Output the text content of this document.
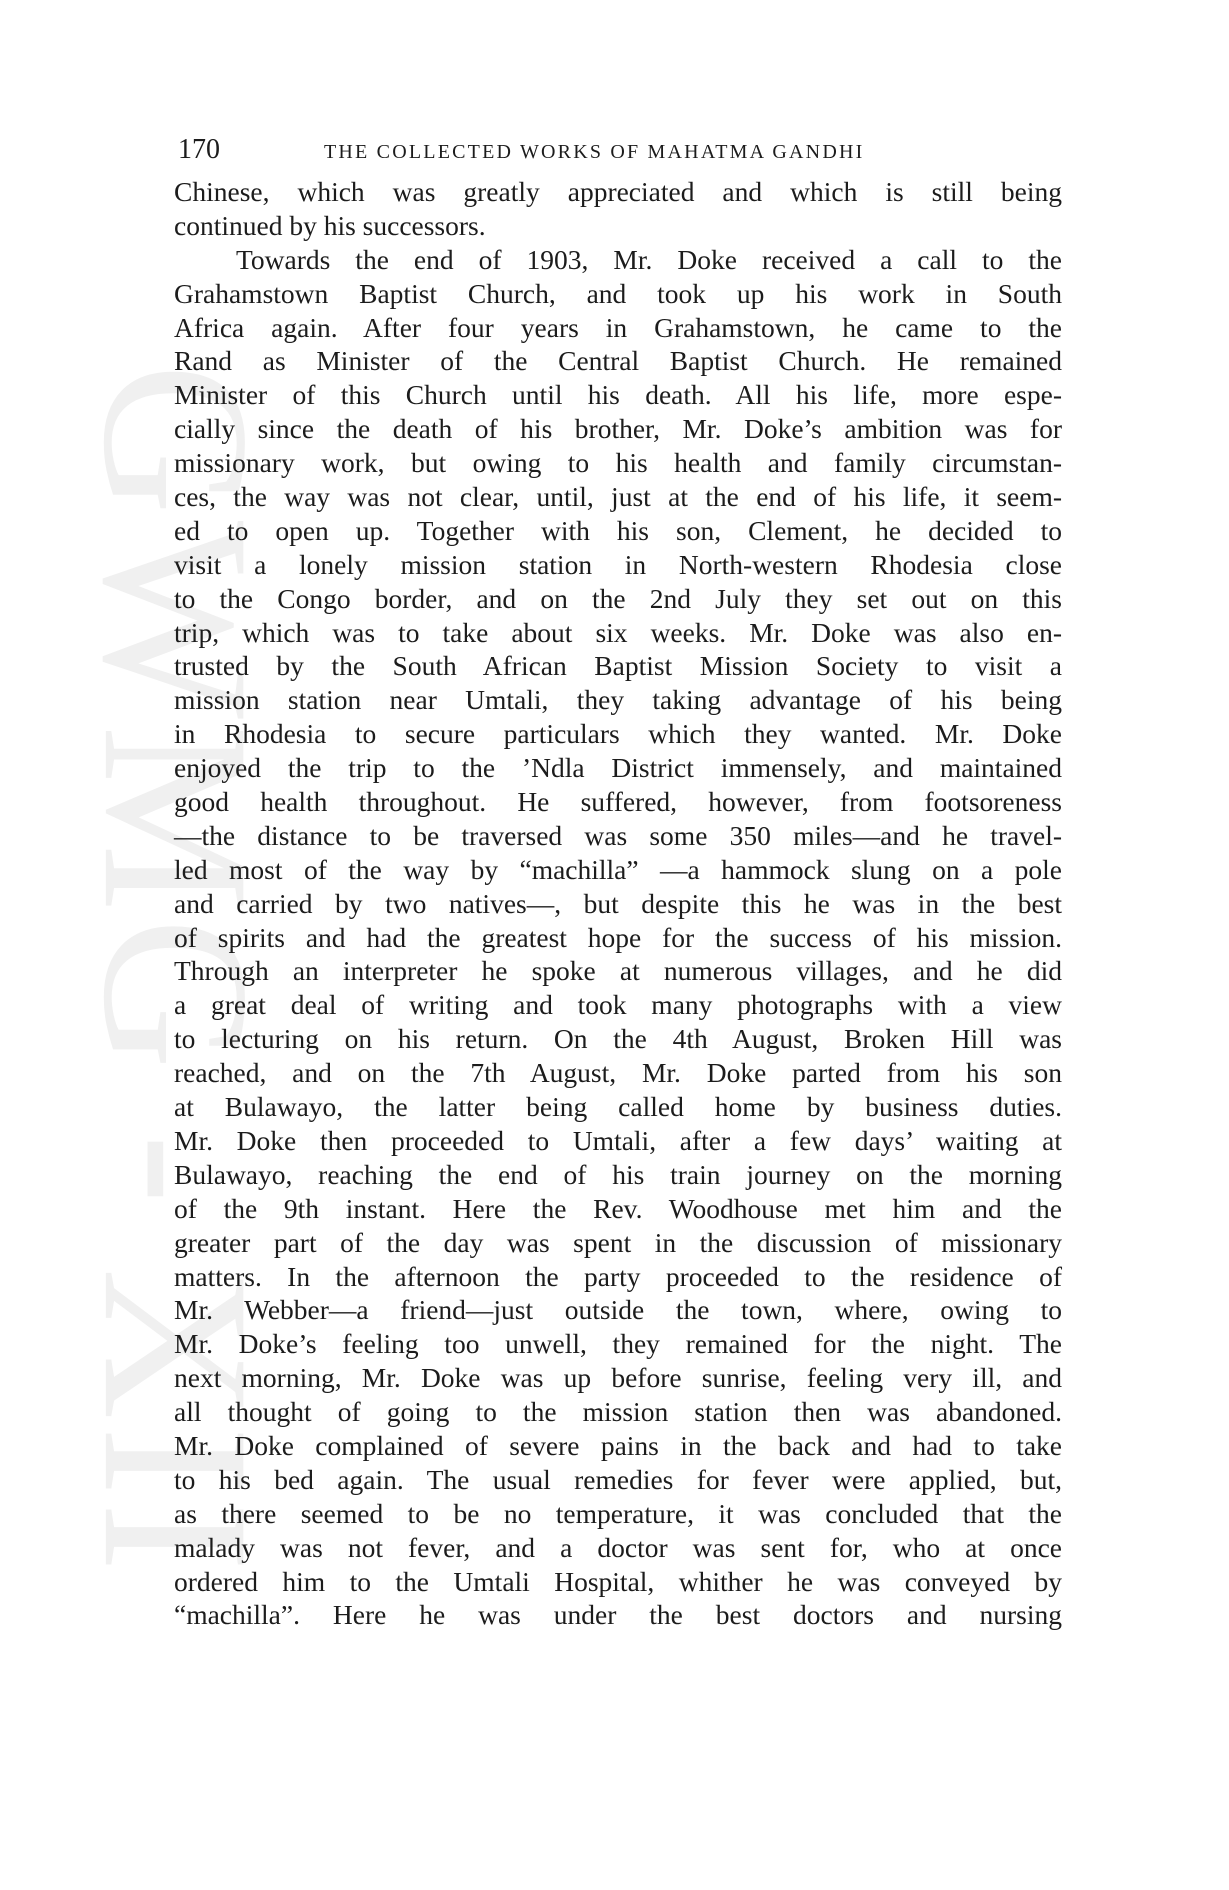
GWMG - XII
170	THE COLLECTED WORKS OF MAHATMA GANDHI
Chinese, which was greatly appreciated and which is still being
continued by his successors.
Towards the end of 1903, Mr. Doke received a call to the
Grahamstown Baptist Church, and took up his work in South
Africa again. After four years in Grahamstown, he came to the
Rand as Minister of the Central Baptist Church. He remained
Minister of this Church until his death. All his life, more espe-
cially since the death of his brother, Mr. Doke’s ambition was for
missionary work, but owing to his health and family circumstan-
ces, the way was not clear, until, just at the end of his life, it seem-
ed to open up. Together with his son, Clement, he decided to
visit a lonely mission station in North-western Rhodesia close
to the Congo border, and on the 2nd July they set out on this
trip, which was to take about six weeks. Mr. Doke was also en-
trusted by the South African Baptist Mission Society to visit a
mission station near Umtali, they taking advantage of his being
in Rhodesia to secure particulars which they wanted. Mr. Doke
enjoyed the trip to the ’Ndla District immensely, and maintained
good health throughout. He suffered, however, from footsoreness
—the distance to be traversed was some 350 miles—and he travel-
led most of the way by “machilla” —a hammock slung on a pole
and carried by two natives—, but despite this he was in the best
of spirits and had the greatest hope for the success of his mission.
Through an interpreter he spoke at numerous villages, and he did
a great deal of writing and took many photographs with a view
to lecturing on his return. On the 4th August, Broken Hill was
reached, and on the 7th August, Mr. Doke parted from his son
at Bulawayo, the latter being called home by business duties.
Mr. Doke then proceeded to Umtali, after a few days’ waiting at
Bulawayo, reaching the end of his train journey on the morning
of the 9th instant. Here the Rev. Woodhouse met him and the
greater part of the day was spent in the discussion of missionary
matters. In the afternoon the party proceeded to the residence of
Mr. Webber—a friend—just outside the town, where, owing to
Mr. Doke’s feeling too unwell, they remained for the night. The
next morning, Mr. Doke was up before sunrise, feeling very ill, and
all thought of going to the mission station then was abandoned.
Mr. Doke complained of severe pains in the back and had to take
to his bed again. The usual remedies for fever were applied, but,
as there seemed to be no temperature, it was concluded that the
malady was not fever, and a doctor was sent for, who at once
ordered him to the Umtali Hospital, whither he was conveyed by
“machilla”. Here he was under the best doctors and nursing
